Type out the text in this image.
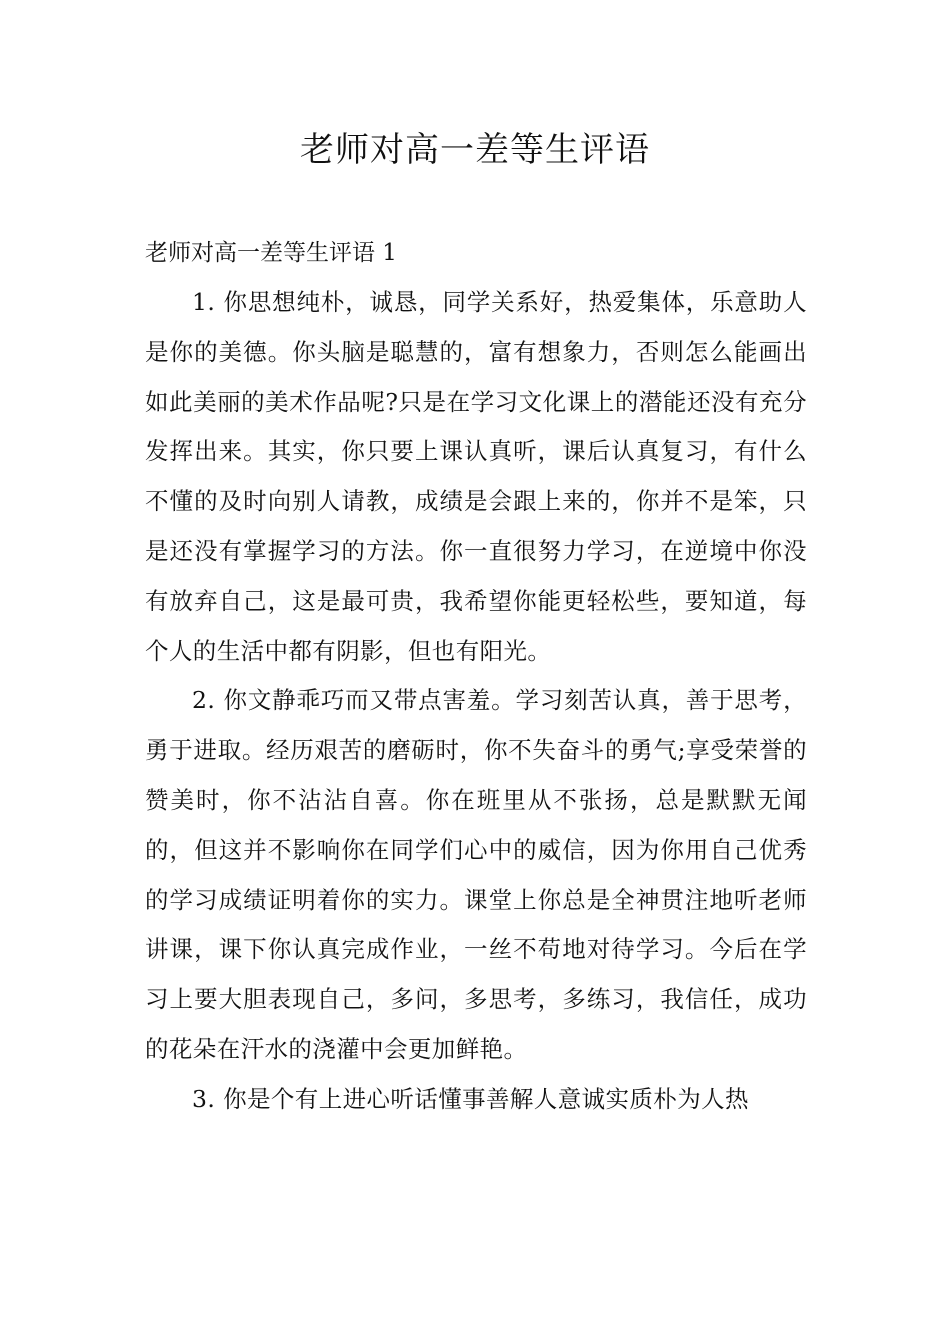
老师对高一差等生评语

老师对高一差等生评语 1

1. 你思想纯朴，诚恳，同学关系好，热爱集体，乐意助人是你的美德。你头脑是聪慧的，富有想象力，否则怎么能画出如此美丽的美术作品呢?只是在学习文化课上的潜能还没有充分发挥出来。其实，你只要上课认真听，课后认真复习，有什么不懂的及时向别人请教，成绩是会跟上来的，你并不是笨，只是还没有掌握学习的方法。你一直很努力学习，在逆境中你没有放弃自己，这是最可贵，我希望你能更轻松些，要知道，每个人的生活中都有阴影，但也有阳光。

2. 你文静乖巧而又带点害羞。学习刻苦认真，善于思考，勇于进取。经历艰苦的磨砺时，你不失奋斗的勇气;享受荣誉的赞美时，你不沾沾自喜。你在班里从不张扬，总是默默无闻的，但这并不影响你在同学们心中的威信，因为你用自己优秀的学习成绩证明着你的实力。课堂上你总是全神贯注地听老师讲课，课下你认真完成作业，一丝不苟地对待学习。今后在学习上要大胆表现自己，多问，多思考，多练习，我信任，成功的花朵在汗水的浇灌中会更加鲜艳。

3. 你是个有上进心听话懂事善解人意诚实质朴为人热
